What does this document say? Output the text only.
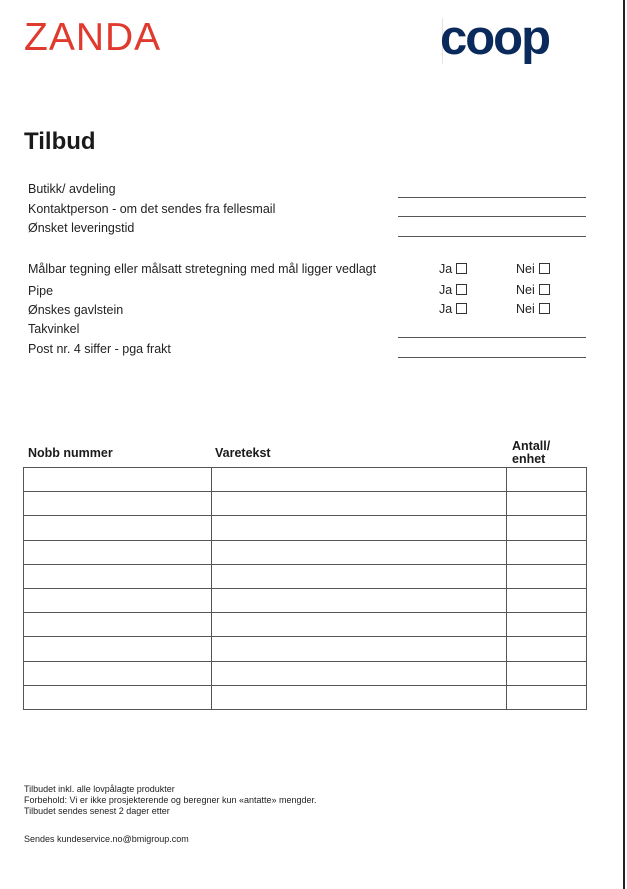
ZANDA	coop
Tilbud
Butikk/ avdeling
Kontaktperson - om det sendes fra fellesmail
Ønsket leveringstid
Målbar tegning eller målsatt stretegning med mål ligger vedlagt	Ja	Nei
Pipe	Ja	Nei
Ønskes gavlstein	Ja	Nei
Takvinkel
Post nr. 4 siffer - pga frakt
Nobb nummer	Varetekst	Antall/
enhet

Tilbudet inkl. alle lovpålagte produkter
Forbehold: Vi er ikke prosjekterende og beregner kun «antatte» mengder.
Tilbudet sendes senest 2 dager etter
Sendes kundeservice.no@bmigroup.com
